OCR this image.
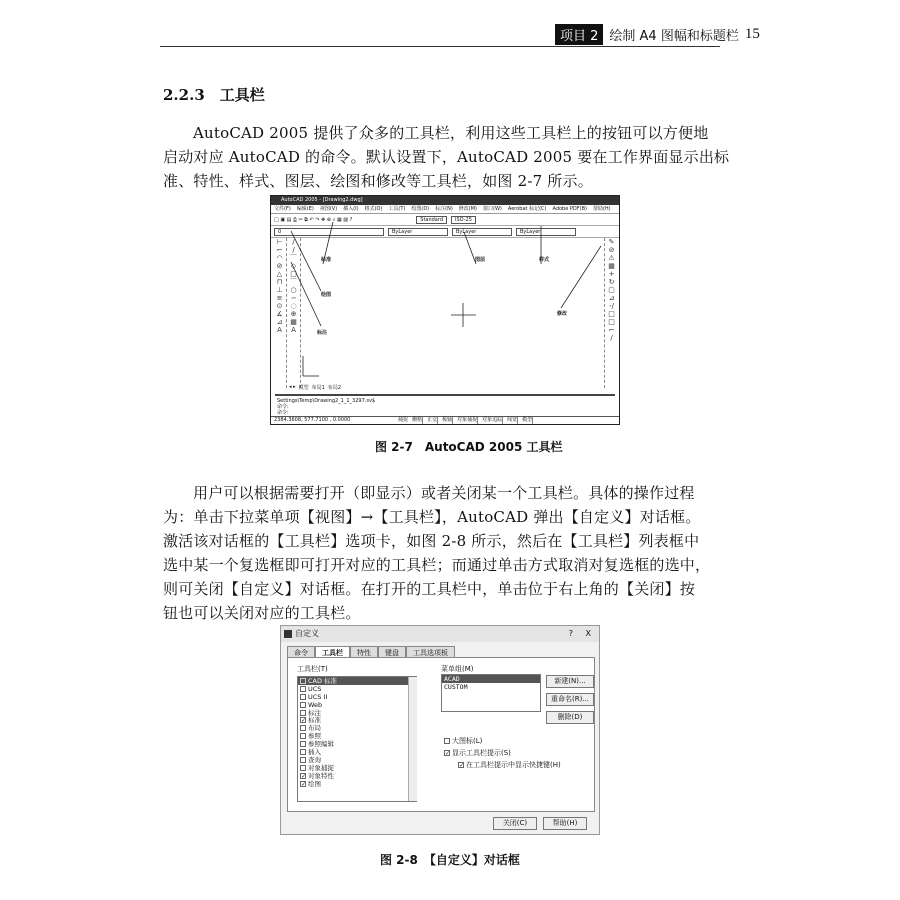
项目 2 绘制 A4 图幅和标题栏 15
2.2.3　工具栏
AutoCAD 2005 提供了众多的工具栏，利用这些工具栏上的按钮可以方便地
启动对应 AutoCAD 的命令。默认设置下，AutoCAD 2005 要在工作界面显示出标
准、特性、样式、图层、绘图和修改等工具栏，如图 2-7 所示。
AutoCAD 2005 - [Drawing2.dwg]
文件(F) 编辑(E) 视图(V) 插入(I) 格式(O) 工具(T) 绘图(D) 标注(N) 修改(M) 窗口(W) Aerobat 标记(C) Adobe PDF(B) 帮助(H)
□ ▣ ▤ ⎙ ✂ ⧉ ↶ ↷ ✥ ⊕ ⌕ ▦ ▨ ?	Standard	ISO-25
0	ByLayer	ByLayer	ByLayer
⊢
⌐
◠
⊘
△
⊓
⊥
≡
⊙
∡
⊿
A
/
/
⌒
◇
□
⌒
○
∽
◌
⊕
▦
A
✎
⊘
⚠
▦
+
↻
▢
⊿
-/
□
□
⌐
∕
标准	图层	样式
绘图
标注
修改
◂ ▸ 模型 布局1 布局2
Settings\Temp\Drawing2_1_1_3297.sv$
命令:
命令:
2384.3608, 577.7100 , 0.0000	捕捉 栅格 正交 极轴 对象捕捉 对象追踪 线宽 模型
图 2-7　AutoCAD 2005 工具栏
用户可以根据需要打开（即显示）或者关闭某一个工具栏。具体的操作过程
为：单击下拉菜单项【视图】→【工具栏】，AutoCAD 弹出【自定义】对话框。
激活该对话框的【工具栏】选项卡，如图 2-8 所示，然后在【工具栏】列表框中
选中某一个复选框即可打开对应的工具栏；而通过单击方式取消对复选框的选中，
则可关闭【自定义】对话框。在打开的工具栏中，单击位于右上角的【关闭】按
钮也可以关闭对应的工具栏。
自定义	? X
命令	工具栏	特性	键盘	工具选项板
工具栏(T)
CAD 标准
UCS
UCS II
Web
标注
✓ 标准
布局
参照
参照编辑
插入
查询
对象捕捉
✓ 对象特性
✓ 绘图
菜单组(M)
ACAD
CUSTOM
新建(N)...
重命名(R)...
删除(D)
大图标(L)
✓ 显示工具栏提示(S)
✓ 在工具栏提示中显示快捷键(H)
关闭(C)	帮助(H)
图 2-8　【自定义】对话框
